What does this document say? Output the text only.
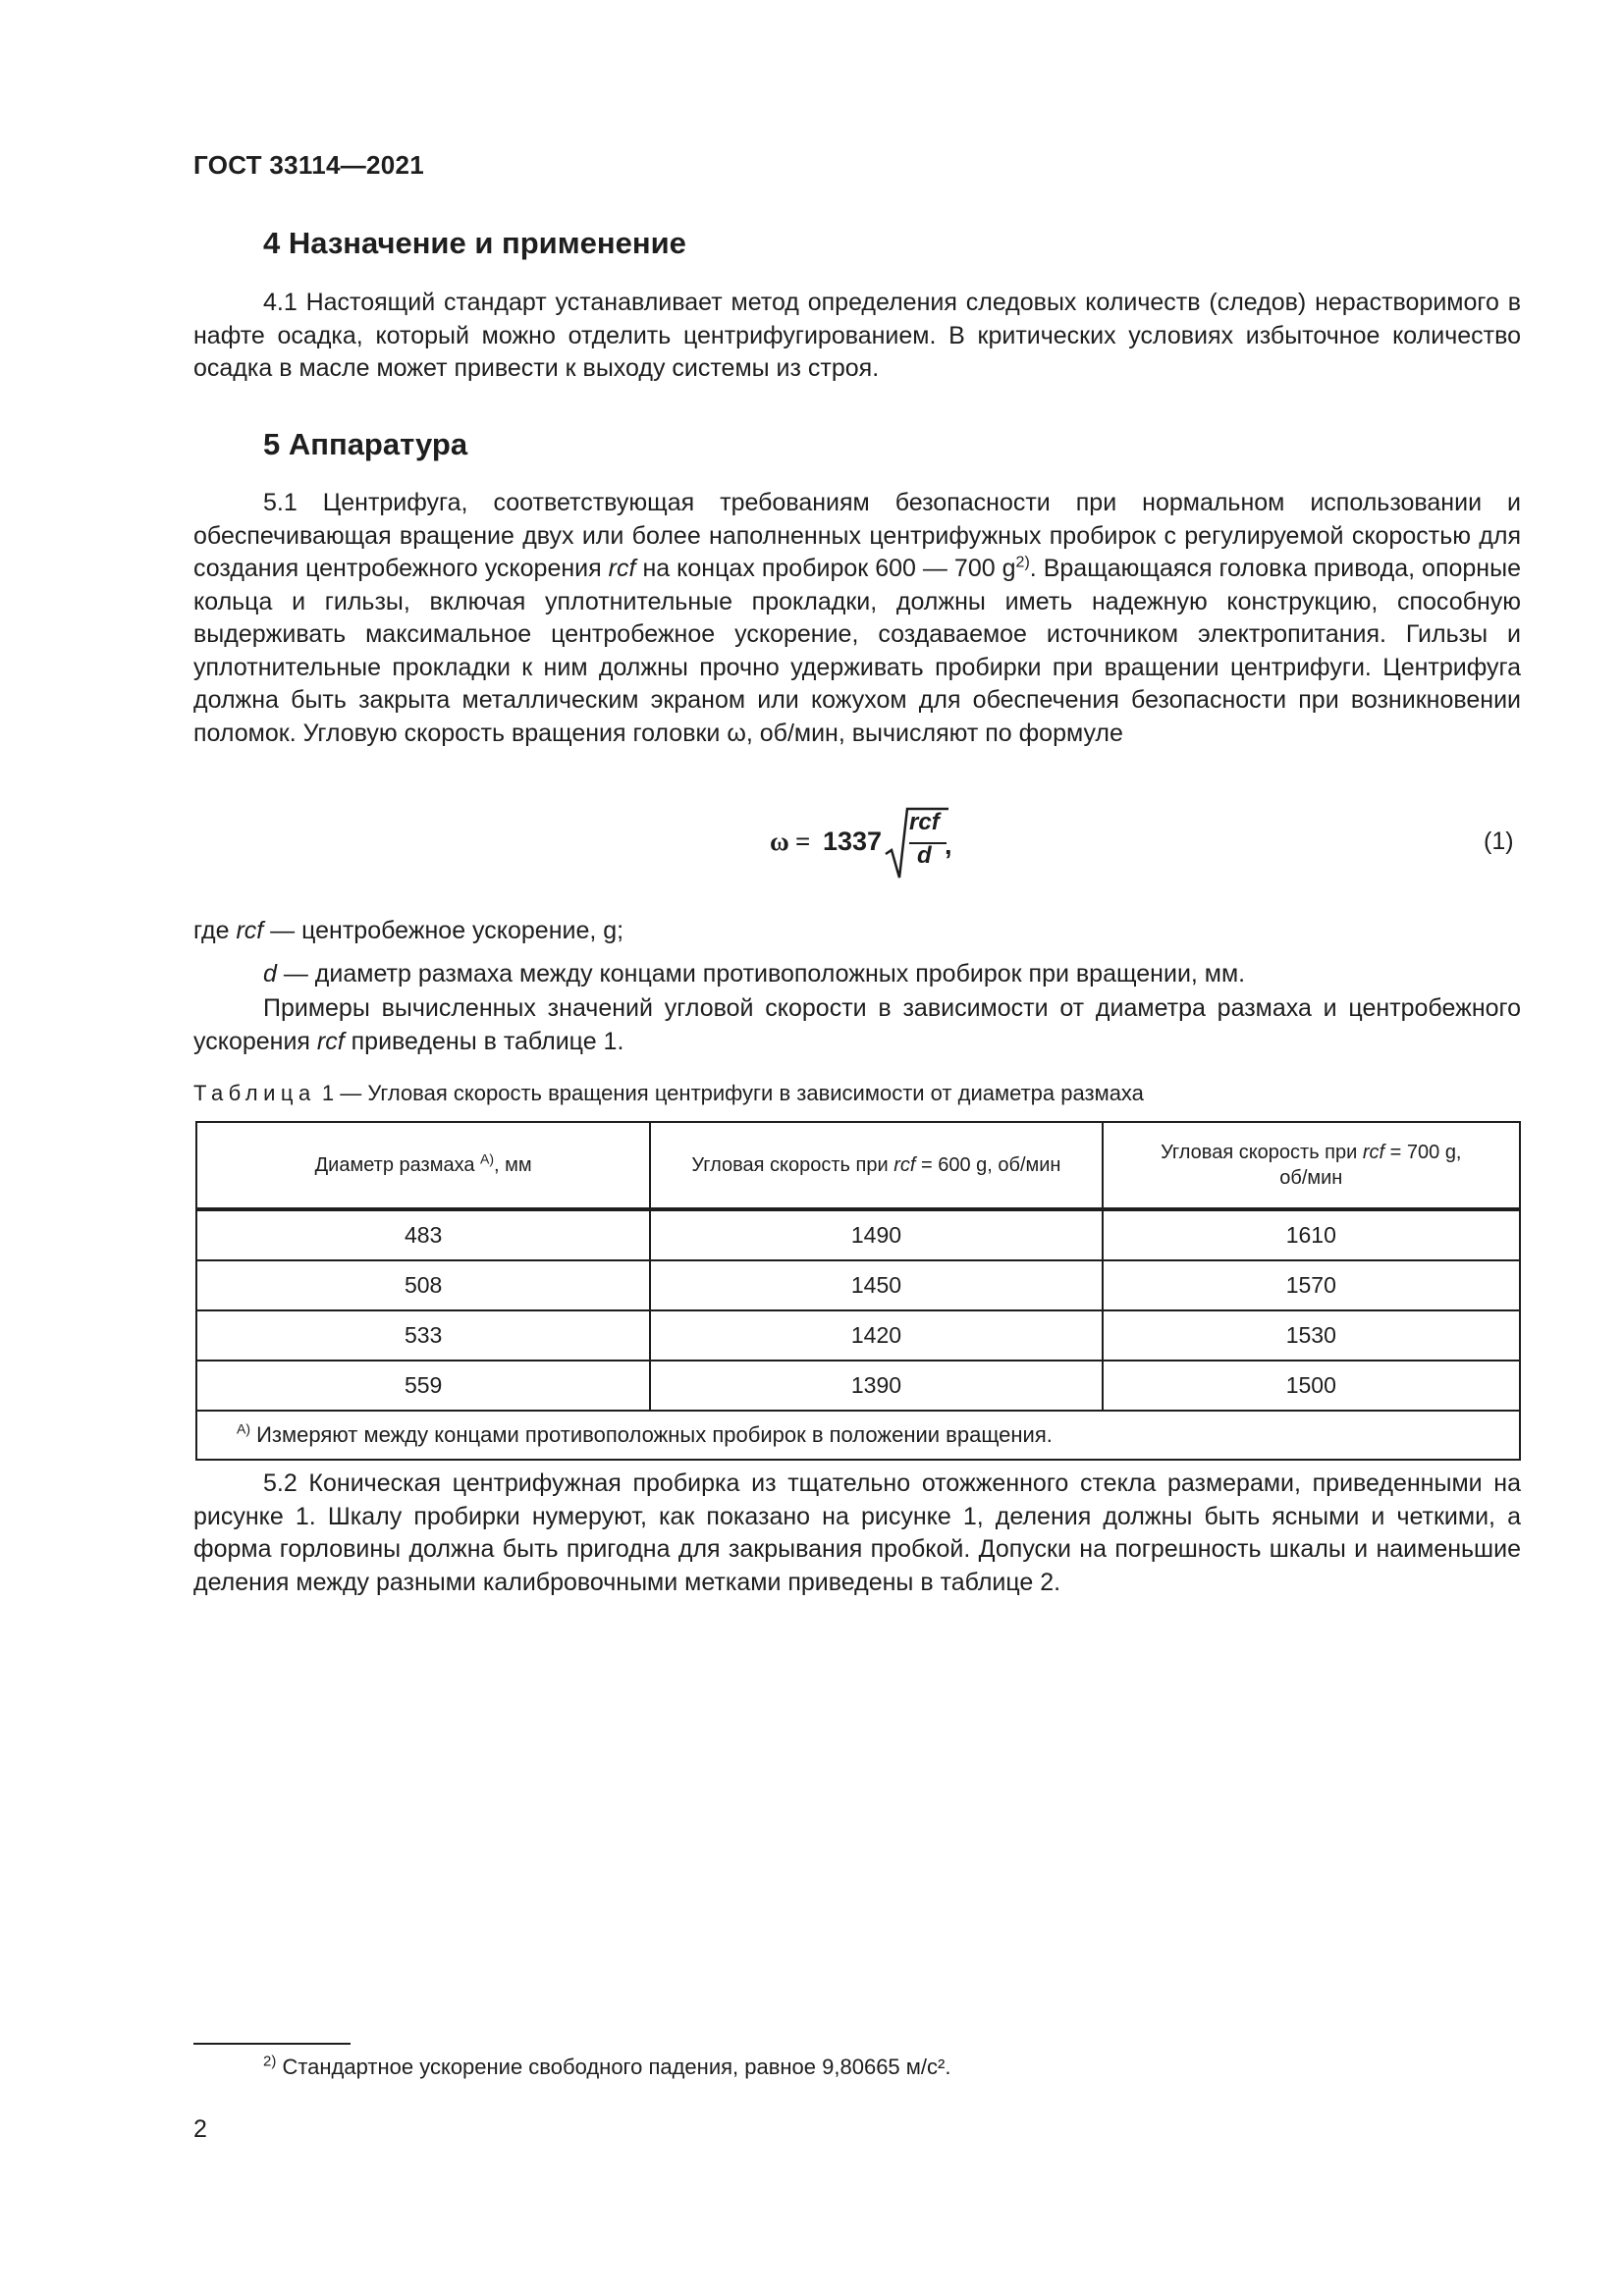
ГОСТ 33114—2021
4 Назначение и применение

4.1 Настоящий стандарт устанавливает метод определения следовых количеств (следов) нерастворимого в нафте осадка, который можно отделить центрифугированием. В критических условиях избыточное количество осадка в масле может привести к выходу системы из строя.

5 Аппаратура

5.1 Центрифуга, соответствующая требованиям безопасности при нормальном использовании и обеспечивающая вращение двух или более наполненных центрифужных пробирок с регулируемой скоростью для создания центробежного ускорения rcf на концах пробирок 600 — 700 $g^{2)}$. Вращающаяся головка привода, опорные кольца и гильзы, включая уплотнительные прокладки, должны иметь надежную конструкцию, способную выдерживать максимальное центробежное ускорение, создаваемое источником электропитания. Гильзы и уплотнительные прокладки к ним должны прочно удерживать пробирки при вращении центрифуги. Центрифуга должна быть закрыта металлическим экраном или кожухом для обеспечения безопасности при возникновении поломок. Угловую скорость вращения головки ω, об/мин, вычисляют по формуле

ω = 1337
rcf
d ,	(1)
где rcf — центробежное ускорение, g;
d — диаметр размаха между концами противоположных пробирок при вращении, мм.

Примеры вычисленных значений угловой скорости в зависимости от диаметра размаха и центробежного ускорения rcf приведены в таблице 1.

Таблица 1 — Угловая скорость вращения центрифуги в зависимости от диаметра размаха
Диаметр размаха $^{А)}$, мм	Угловая скорость при rcf = 600 g, об/мин	Угловая скорость при rcf = 700 g,
об/мин
483	1490	1610
508	1450	1570
533	1420	1530
559	1390	1500
$^{А)}$ Измеряют между концами противоположных пробирок в положении вращения.		

5.2 Коническая центрифужная пробирка из тщательно отожженного стекла размерами, приведенными на рисунке 1. Шкалу пробирки нумеруют, как показано на рисунке 1, деления должны быть ясными и четкими, а форма горловины должна быть пригодна для закрывания пробкой. Допуски на погрешность шкалы и наименьшие деления между разными калибровочными метками приведены в таблице 2.

$^{2)}$ Стандартное ускорение свободного падения, равное 9,80665 м/с².
2
